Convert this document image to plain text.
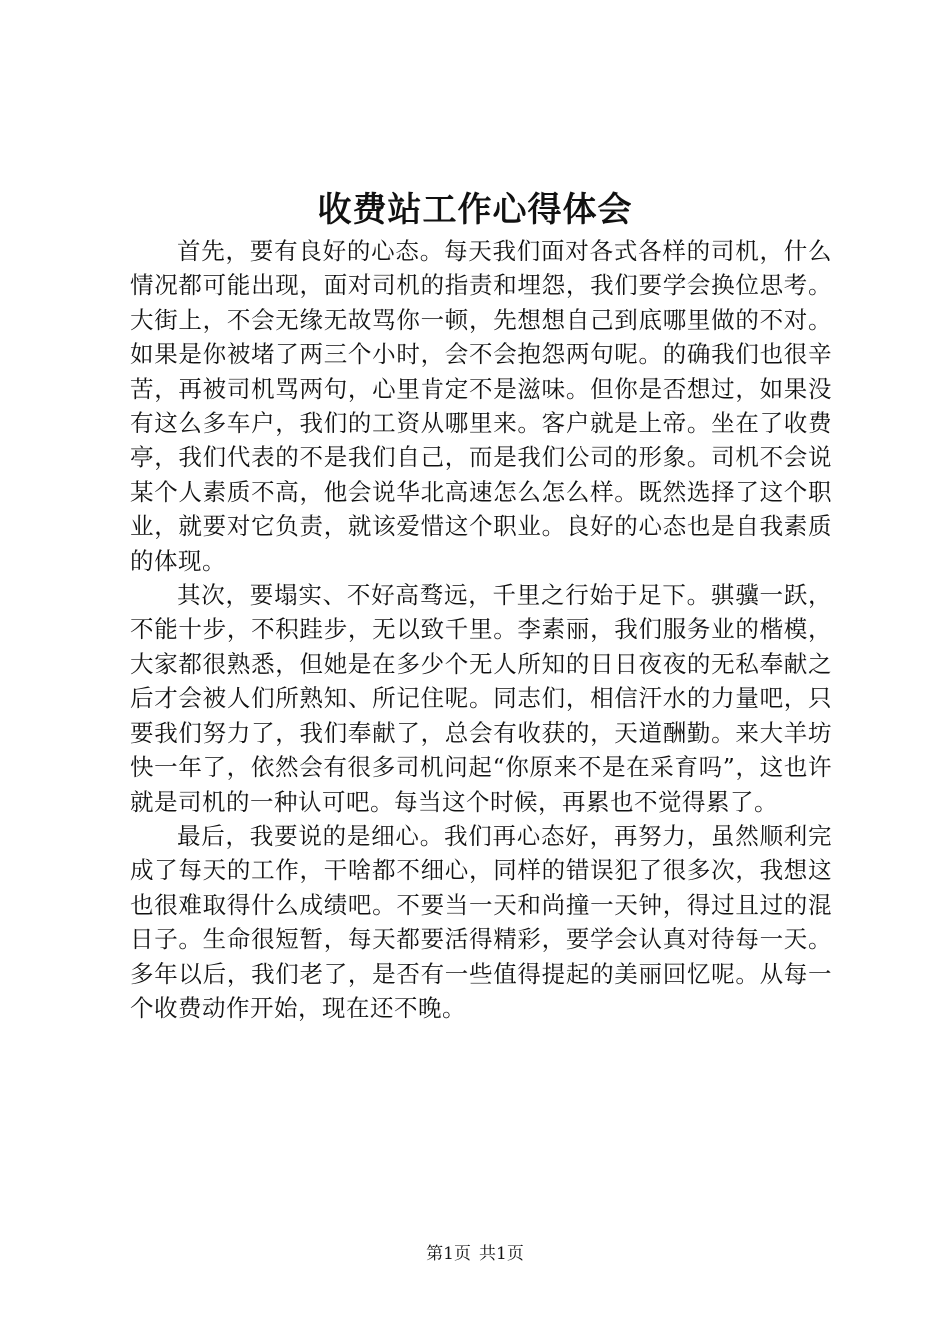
收费站工作心得体会

首先，要有良好的心态。每天我们面对各式各样的司机，什么情况都可能出现，面对司机的指责和埋怨，我们要学会换位思考。大街上，不会无缘无故骂你一顿，先想想自己到底哪里做的不对。如果是你被堵了两三个小时，会不会抱怨两句呢。的确我们也很辛苦，再被司机骂两句，心里肯定不是滋味。但你是否想过，如果没有这么多车户，我们的工资从哪里来。客户就是上帝。坐在了收费亭，我们代表的不是我们自己，而是我们公司的形象。司机不会说某个人素质不高，他会说华北高速怎么怎么样。既然选择了这个职业，就要对它负责，就该爱惜这个职业。良好的心态也是自我素质的体现。

其次，要塌实、不好高骛远，千里之行始于足下。骐骥一跃，不能十步，不积跬步，无以致千里。李素丽，我们服务业的楷模，大家都很熟悉，但她是在多少个无人所知的日日夜夜的无私奉献之后才会被人们所熟知、所记住呢。同志们，相信汗水的力量吧，只要我们努力了，我们奉献了，总会有收获的，天道酬勤。来大羊坊快一年了，依然会有很多司机问起“你原来不是在采育吗”，这也许就是司机的一种认可吧。每当这个时候，再累也不觉得累了。

最后，我要说的是细心。我们再心态好，再努力，虽然顺利完成了每天的工作，干啥都不细心，同样的错误犯了很多次，我想这也很难取得什么成绩吧。不要当一天和尚撞一天钟，得过且过的混日子。生命很短暂，每天都要活得精彩，要学会认真对待每一天。多年以后，我们老了，是否有一些值得提起的美丽回忆呢。从每一个收费动作开始，现在还不晚。

第1页 共1页
